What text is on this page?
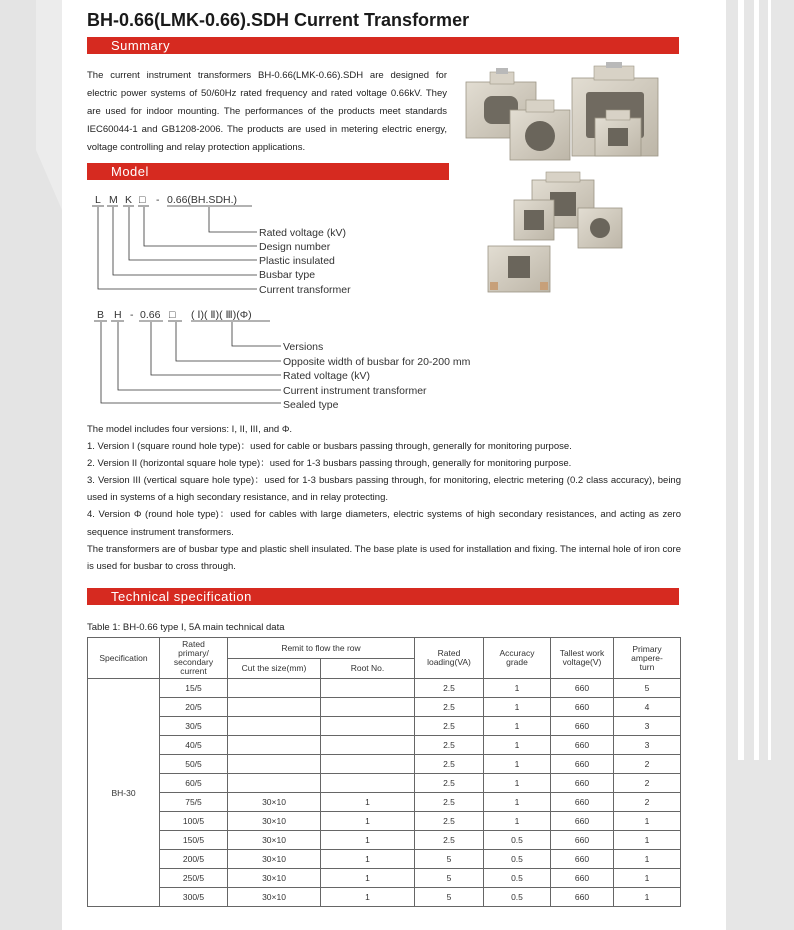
BH-0.66(LMK-0.66).SDH Current Transformer
Summary

The current instrument transformers BH-0.66(LMK-0.66).SDH are designed for electric power systems of 50/60Hz rated frequency and rated voltage 0.66kV. They are used for indoor mounting. The performances of the products meet standards IEC60044-1 and GB1208-2006. The products are used in metering electric energy, voltage controlling and relay protection applications.

Model
L M K □ - 0.66(BH.SDH.)
Rated voltage (kV)
Design number
Plastic insulated
Busbar type
Current transformer
B H - 0.66 □ ( Ⅰ)( Ⅱ)( Ⅲ)(Φ)
Versions
Opposite width of busbar for 20-200 mm
Rated voltage (kV)
Current instrument transformer
Sealed type

The model includes four versions: I, II, III, and Φ.

1. Version I (square round hole type)：used for cable or busbars passing through, generally for monitoring purpose.

2. Version II (horizontal square hole type)：used for 1-3 busbars passing through, generally for monitoring purpose.

3. Version III (vertical square hole type)：used for 1-3 busbars passing through, for monitoring, electric metering (0.2 class accuracy), being used in systems of a high secondary resistance, and in relay protecting.

4. Version Φ (round hole type)：used for cables with large diameters, electric systems of high secondary resistances, and acting as zero sequence instrument transformers.

The transformers are of busbar type and plastic shell insulated. The base plate is used for installation and fixing. The internal hole of iron core is used for busbar to cross through.

Technical specification
Table 1: BH-0.66 type I, 5A main technical data
Specification	Rated primary/ secondary current	Remit to flow the row		Rated loading(VA)	Accuracy grade	Tallest work voltage(V)	Primary ampere-turn
		Cut the size(mm)	Root No.				
BH-30	15/5			2.5	1	660	5
	20/5			2.5	1	660	4
	30/5			2.5	1	660	3
	40/5			2.5	1	660	3
	50/5			2.5	1	660	2
	60/5			2.5	1	660	2
	75/5	30×10	1	2.5	1	660	2
	100/5	30×10	1	2.5	1	660	1
	150/5	30×10	1	2.5	0.5	660	1
	200/5	30×10	1	5	0.5	660	1
	250/5	30×10	1	5	0.5	660	1
	300/5	30×10	1	5	0.5	660	1
